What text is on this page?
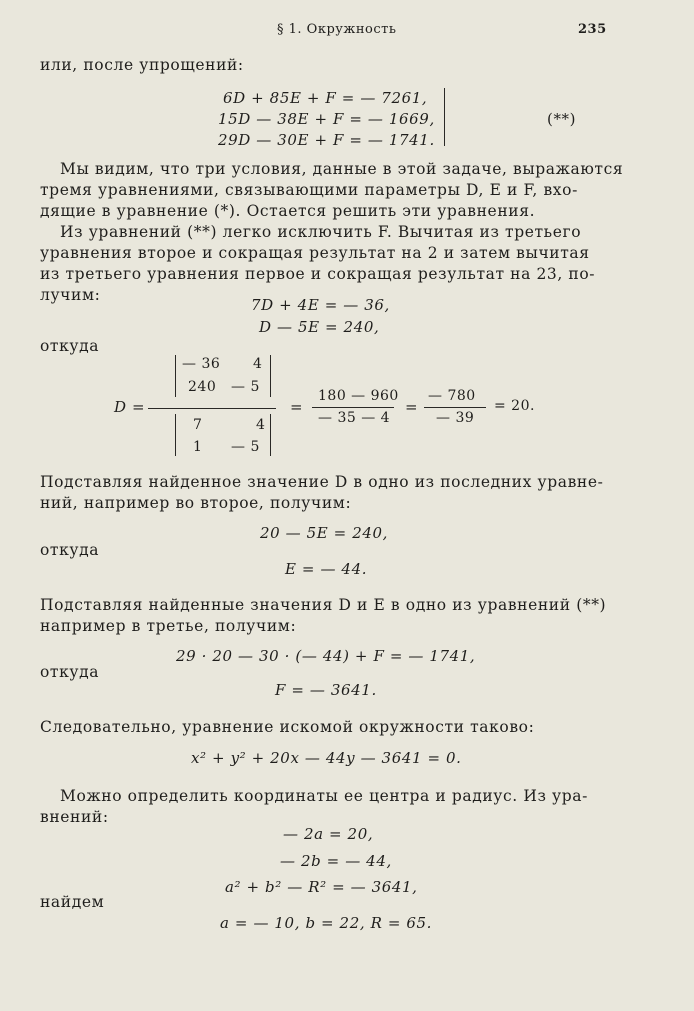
§ 1. Окружность	235
или, после упрощений:
6D + 85E + F = — 7261,
15D — 38E + F = — 1669,
29D — 30E + F = — 1741.
(**)
Мы видим, что три условия, данные в этой задаче, выражаются
тремя уравнениями, связывающими параметры D, E и F, вхо-
дящие в уравнение (*). Остается решить эти уравнения.
Из уравнений (**) легко исключить F. Вычитая из третьего
уравнения второе и сокращая результат на 2 и затем вычитая
из третьего уравнения первое и сокращая результат на 23, по-
лучим:
7D + 4E = — 36,
D — 5E = 240,
откуда
D =
— 36 4
240 — 5
7	4
1 — 5
=
180 — 960
— 35 — 4
=
— 780
— 39
= 20.
Подставляя найденное значение D в одно из последних уравне-
ний, например во второе, получим:
20 — 5E = 240,
откуда
E = — 44.
Подставляя найденные значения D и E в одно из уравнений (**)
например в третье, получим:
29 · 20 — 30 · (— 44) + F = — 1741,
откуда
F = — 3641.
Следовательно, уравнение искомой окружности таково:
x² + y² + 20x — 44y — 3641 = 0.
Можно определить координаты ее центра и радиус. Из ура-
внений:
— 2a = 20,
— 2b = — 44,
a² + b² — R² = — 3641,
найдем
a = — 10, b = 22, R = 65.
